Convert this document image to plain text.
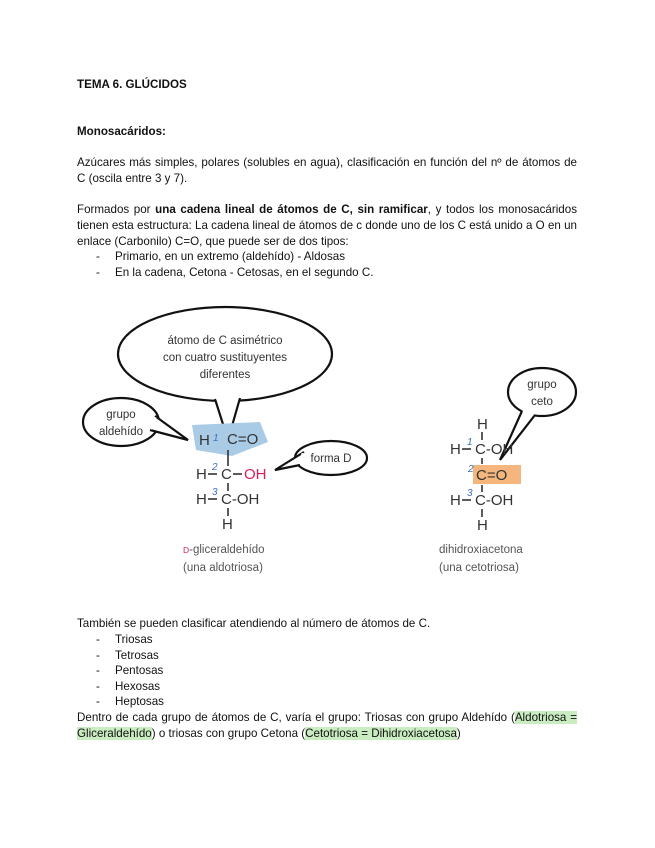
TEMA 6. GLÚCIDOS
Monosacáridos:

Azúcares más simples, polares (solubles en agua), clasificación en función del nº de átomos de C (oscila entre 3 y 7).

Formados por una cadena lineal de átomos de C, sin ramificar, y todos los monosacáridos tienen esta estructura: La cadena lineal de átomos de c donde uno de los C está unido a O en un enlace (Carbonilo) C=O, que puede ser de dos tipos:

- Primario, en un extremo (aldehído) - Aldosas
- En la cadena, Cetona - Cetosas, en el segundo C.
átomo de C asimétrico
con cuatro sustituyentes
diferentes
grupo
aldehído
forma D
grupo
ceto
H 1 C=O
H 2 C OH
H 3 C-OH
H
D-gliceraldehído
(una aldotriosa)
H
H 1 C-OH
2 C=O
H 3 C-OH
H
dihidroxiacetona
(una cetotriosa)

También se pueden clasificar atendiendo al número de átomos de C.

- Triosas
- Tetrosas
- Pentosas
- Hexosas
- Heptosas

Dentro de cada grupo de átomos de C, varía el grupo: Triosas con grupo Aldehído (Aldotriosa = Gliceraldehído) o triosas con grupo Cetona (Cetotriosa = Dihidroxiacetosa)
